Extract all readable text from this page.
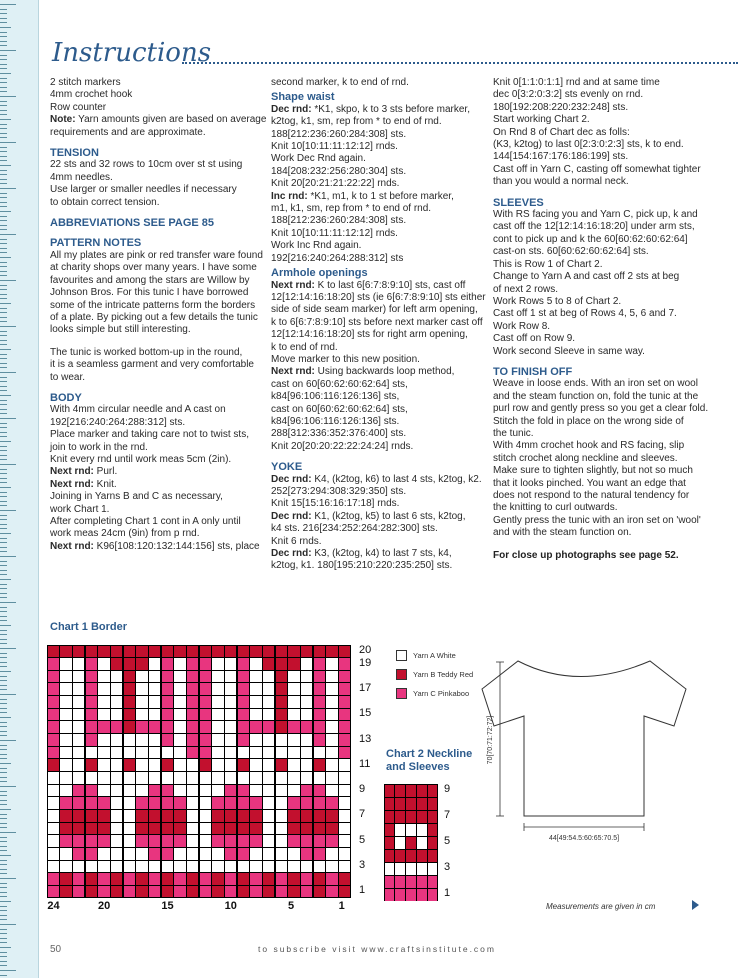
Instructions

2 stitch markers

4mm crochet hook

Row counter

Note: Yarn amounts given are based on average

requirements and are approximate.

TENSION

22 sts and 32 rows to 10cm over st st using

4mm needles.

Use larger or smaller needles if necessary

to obtain correct tension.

ABBREVIATIONS SEE PAGE 85

PATTERN NOTES

All my plates are pink or red transfer ware found

at charity shops over many years. I have some

favourites and among the stars are Willow by

Johnson Bros. For this tunic I have borrowed

some of the intricate patterns form the borders

of a plate. By picking out a few details the tunic

looks simple but still interesting.

The tunic is worked bottom-up in the round,

it is a seamless garment and very comfortable

to wear.

BODY

With 4mm circular needle and A cast on

192[216:240:264:288:312] sts.

Place marker and taking care not to twist sts,

join to work in the rnd.

Knit every rnd until work meas 5cm (2in).

Next rnd: Purl.

Next rnd: Knit.

Joining in Yarns B and C as necessary,

work Chart 1.

After completing Chart 1 cont in A only until

work meas 24cm (9in) from p rnd.

Next rnd: K96[108:120:132:144:156] sts, place

second marker, k to end of rnd.

Shape waist

Dec rnd: *K1, skpo, k to 3 sts before marker,

k2tog, k1, sm, rep from * to end of rnd.

188[212:236:260:284:308] sts.

Knit 10[10:11:11:12:12] rnds.

Work Dec Rnd again.

184[208:232:256:280:304] sts.

Knit 20[20:21:21:22:22] rnds.

Inc rnd: *K1, m1, k to 1 st before marker,

m1, k1, sm, rep from * to end of rnd.

188[212:236:260:284:308] sts.

Knit 10[10:11:11:12:12] rnds.

Work Inc Rnd again.

192[216:240:264:288:312] sts

Armhole openings

Next rnd: K to last 6[6:7:8:9:10] sts, cast off

12[12:14:16:18:20] sts (ie 6[6:7:8:9:10] sts either

side of side seam marker) for left arm opening,

k to 6[6:7:8:9:10] sts before next marker cast off

12[12:14:16:18:20] sts for right arm opening,

k to end of rnd.

Move marker to this new position.

Next rnd: Using backwards loop method,

cast on 60[60:62:60:62:64] sts,

k84[96:106:116:126:136] sts,

cast on 60[60:62:60:62:64] sts,

k84[96:106:116:126:136] sts.

288[312:336:352:376:400] sts.

Knit 20[20:20:22:22:24:24] rnds.

YOKE

Dec rnd: K4, (k2tog, k6) to last 4 sts, k2tog, k2.

252[273:294:308:329:350] sts.

Knit 15[15:16:16:17:18] rnds.

Dec rnd: K1, (k2tog, k5) to last 6 sts, k2tog,

k4 sts. 216[234:252:264:282:300] sts.

Knit 6 rnds.

Dec rnd: K3, (k2tog, k4) to last 7 sts, k4,

k2tog, k1. 180[195:210:220:235:250] sts.

Knit 0[1:1:0:1:1] rnd and at same time

dec 0[3:2:0:3:2] sts evenly on rnd.

180[192:208:220:232:248] sts.

Start working Chart 2.

On Rnd 8 of Chart dec as folls:

(K3, k2tog) to last 0[2:3:0:2:3] sts, k to end.

144[154:167:176:186:199] sts.

Cast off in Yarn C, casting off somewhat tighter

than you would a normal neck.

SLEEVES

With RS facing you and Yarn C, pick up, k and

cast off the 12[12:14:16:18:20] under arm sts,

cont to pick up and k the 60[60:62:60:62:64]

cast-on sts. 60[60:62:60:62:64] sts.

This is Row 1 of Chart 2.

Change to Yarn A and cast off 2 sts at beg

of next 2 rows.

Work Rows 5 to 8 of Chart 2.

Cast off 1 st at beg of Rows 4, 5, 6 and 7.

Work Row 8.

Cast off on Row 9.

Work second Sleeve in same way.

TO FINISH OFF

Weave in loose ends. With an iron set on wool

and the steam function on, fold the tunic at the

purl row and gently press so you get a clear fold.

Stitch the fold in place on the wrong side of

the tunic.

With 4mm crochet hook and RS facing, slip

stitch crochet along neckline and sleeves.

Make sure to tighten slightly, but not so much

that it looks pinched. You want an edge that

does not respond to the natural tendency for

the knitting to curl outwards.

Gently press the tunic with an iron set on 'wool'

and with the steam function on.

For close up photographs see page 52.

Chart 1 Border
20
19
17
15
13
11
9
7
5
3
1
24	20	15	10	5	1
Yarn A White
Yarn B Teddy Red
Yarn C Pinkaboo
Chart 2 Neckline
and Sleeves
9
7
5
3
1
70[70:71:72:72]
44[49:54.5:60:65:70.5]
Measurements are given in cm
50	to subscribe visit www.craftsinstitute.com
